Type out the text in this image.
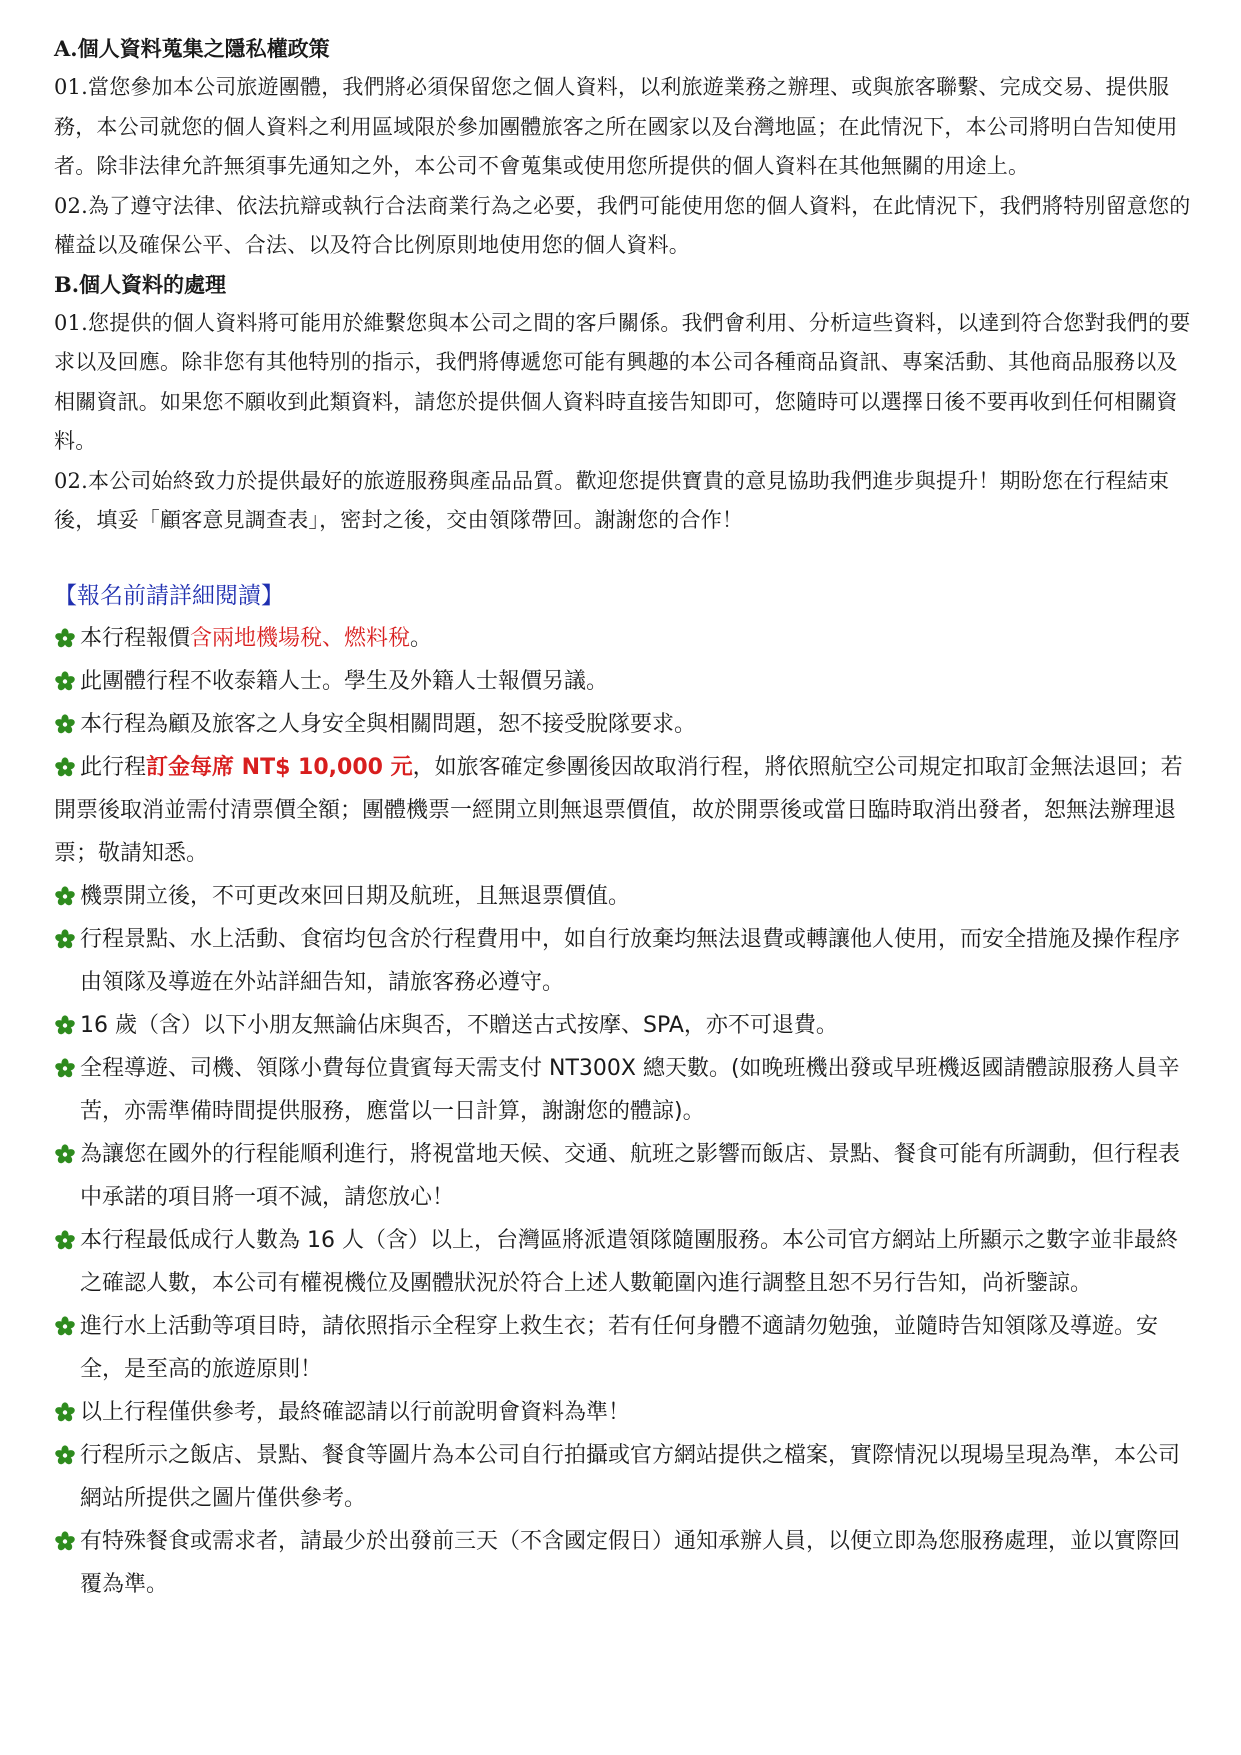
A.個人資料蒐集之隱私權政策

01.當您參加本公司旅遊團體，我們將必須保留您之個人資料，以利旅遊業務之辦理、或與旅客聯繫、完成交易、提供服務，本公司就您的個人資料之利用區域限於參加團體旅客之所在國家以及台灣地區；在此情況下，本公司將明白告知使用者。除非法律允許無須事先通知之外，本公司不會蒐集或使用您所提供的個人資料在其他無關的用途上。

02.為了遵守法律、依法抗辯或執行合法商業行為之必要，我們可能使用您的個人資料，在此情況下，我們將特別留意您的權益以及確保公平、合法、以及符合比例原則地使用您的個人資料。

B.個人資料的處理

01.您提供的個人資料將可能用於維繫您與本公司之間的客戶關係。我們會利用、分析這些資料，以達到符合您對我們的要求以及回應。除非您有其他特別的指示，我們將傳遞您可能有興趣的本公司各種商品資訊、專案活動、其他商品服務以及相關資訊。如果您不願收到此類資料，請您於提供個人資料時直接告知即可，您隨時可以選擇日後不要再收到任何相關資料。

02.本公司始終致力於提供最好的旅遊服務與產品品質。歡迎您提供寶貴的意見協助我們進步與提升！期盼您在行程結束後，填妥「顧客意見調查表」，密封之後，交由領隊帶回。謝謝您的合作！

【報名前請詳細閱讀】
本行程報價含兩地機場稅、燃料稅。
此團體行程不收泰籍人士。學生及外籍人士報價另議。
本行程為顧及旅客之人身安全與相關問題，恕不接受脫隊要求。
此行程訂金每席 NT$ 10,000 元，如旅客確定參團後因故取消行程，將依照航空公司規定扣取訂金無法退回；若開票後取消並需付清票價全額；團體機票一經開立則無退票價值，故於開票後或當日臨時取消出發者，恕無法辦理退票；敬請知悉。
機票開立後，不可更改來回日期及航班，且無退票價值。
行程景點、水上活動、食宿均包含於行程費用中，如自行放棄均無法退費或轉讓他人使用，而安全措施及操作程序由領隊及導遊在外站詳細告知，請旅客務必遵守。
16 歲（含）以下小朋友無論佔床與否，不贈送古式按摩、SPA，亦不可退費。
全程導遊、司機、領隊小費每位貴賓每天需支付 NT300X 總天數。(如晚班機出發或早班機返國請體諒服務人員辛苦，亦需準備時間提供服務，應當以一日計算，謝謝您的體諒)。
為讓您在國外的行程能順利進行，將視當地天候、交通、航班之影響而飯店、景點、餐食可能有所調動，但行程表中承諾的項目將一項不減，請您放心！
本行程最低成行人數為 16 人（含）以上，台灣區將派遣領隊隨團服務。本公司官方網站上所顯示之數字並非最終之確認人數，本公司有權視機位及團體狀況於符合上述人數範圍內進行調整且恕不另行告知，尚祈鑒諒。
進行水上活動等項目時，請依照指示全程穿上救生衣；若有任何身體不適請勿勉強，並隨時告知領隊及導遊。安全，是至高的旅遊原則！
以上行程僅供參考，最終確認請以行前說明會資料為準！
行程所示之飯店、景點、餐食等圖片為本公司自行拍攝或官方網站提供之檔案，實際情況以現場呈現為準，本公司網站所提供之圖片僅供參考。
有特殊餐食或需求者，請最少於出發前三天（不含國定假日）通知承辦人員，以便立即為您服務處理，並以實際回覆為準。
